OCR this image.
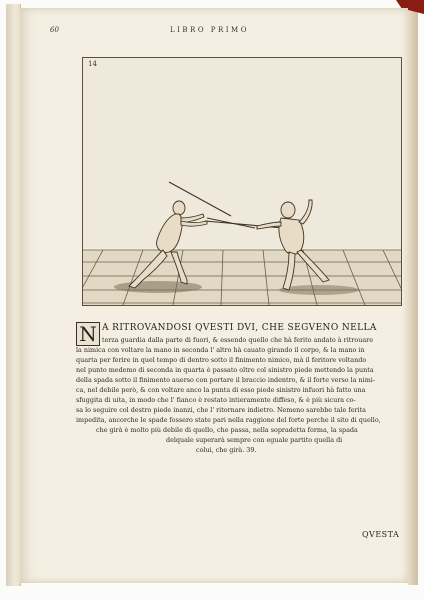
60	LIBRO PRIMO
14
N A RITROVANDOSI QVESTI DVI, CHE SEGVENO NELLA
terza guardia dalla parte di fuori, & essendo quello che hà ferito andato à ritrouare
la nimica con voltare la mano in seconda l' altro hà cauato girando il corpo, & la mano in
quarta per ferire in quel tempo di dentro sotto il finimento nimico, mà il feritore voltando
nel punto medemo di seconda in quarta è passato oltre col sinistro piede mettendo la punta
della spada sotto il finimento auerso con portare il braccio indentro, & il forte verso la nimi-
ca, nel debile però, & con voltare anco la punta di esso piede sinistro infuori hà fatto una
sfuggita di uita, in modo che l' fianco è restato intieramente diffeso, & è più sicura co-
sa lo seguire col destro piede inanzi, che l' ritornare indietro. Nemeno sarebbe tale ferita
impedita, ancorche le spade fossero state pari nella raggione del forte perche il sito di quello,
che girà è molto più debile di quello, che passa, nella sopradetta forma, la spada
delquale superarà sempre con eguale partito quella di
colui, che girà. 39.
QVESTA
